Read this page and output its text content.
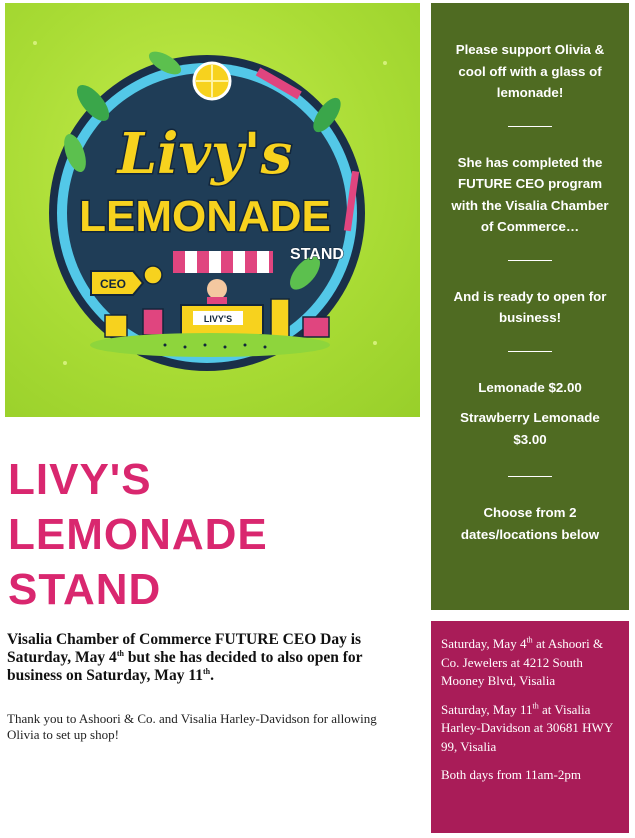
Livy's
LEMONADE
STAND
CEO
LIVY'S

Please support Olivia & cool off with a glass of lemonade!

She has completed the FUTURE CEO program with the Visalia Chamber of Commerce…

And is ready to open for business!

Lemonade $2.00

Strawberry Lemonade $3.00

Choose from 2 dates/locations below

LIVY'S
LEMONADE
STAND
Visalia Chamber of Commerce FUTURE CEO Day is Saturday, May 4th but she has decided to also open for business on Saturday, May 11th.
Thank you to Ashoori & Co. and Visalia Harley-Davidson for allowing Olivia to set up shop!

Saturday, May 4th at Ashoori & Co. Jewelers at 4212 South Mooney Blvd, Visalia

Saturday, May 11th at Visalia Harley-Davidson at 30681 HWY 99, Visalia

Both days from 11am-2pm
